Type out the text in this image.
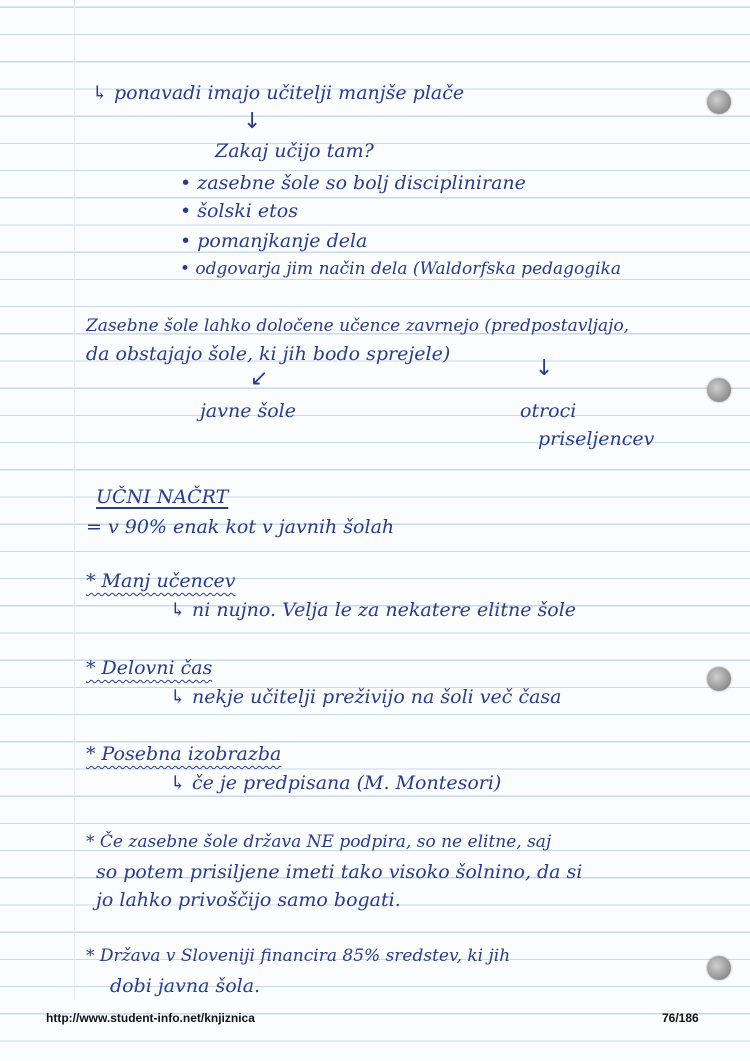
↳ ponavadi imajo učitelji manjše plače
↓
Zakaj učijo tam?
• zasebne šole so bolj disciplinirane
• šolski etos
• pomanjkanje dela
• odgovarja jim način dela (Waldorfska pedagogika
Zasebne šole lahko določene učence zavrnejo (predpostavljajo,
da obstajajo šole, ki jih bodo sprejele)
↙	↓
javne šole	otroci
priseljencev
UČNI NAČRT
= v 90% enak kot v javnih šolah
* Manj učencev
↳ ni nujno. Velja le za nekatere elitne šole
* Delovni čas
↳ nekje učitelji preživijo na šoli več časa
* Posebna izobrazba
↳ če je predpisana (M. Montesori)
* Če zasebne šole država NE podpira, so ne elitne, saj
so potem prisiljene imeti tako visoko šolnino, da si
jo lahko privoščijo samo bogati.
* Država v Sloveniji financira 85% sredstev, ki jih
dobi javna šola.
http://www.student-info.net/knjiznica	76/186
